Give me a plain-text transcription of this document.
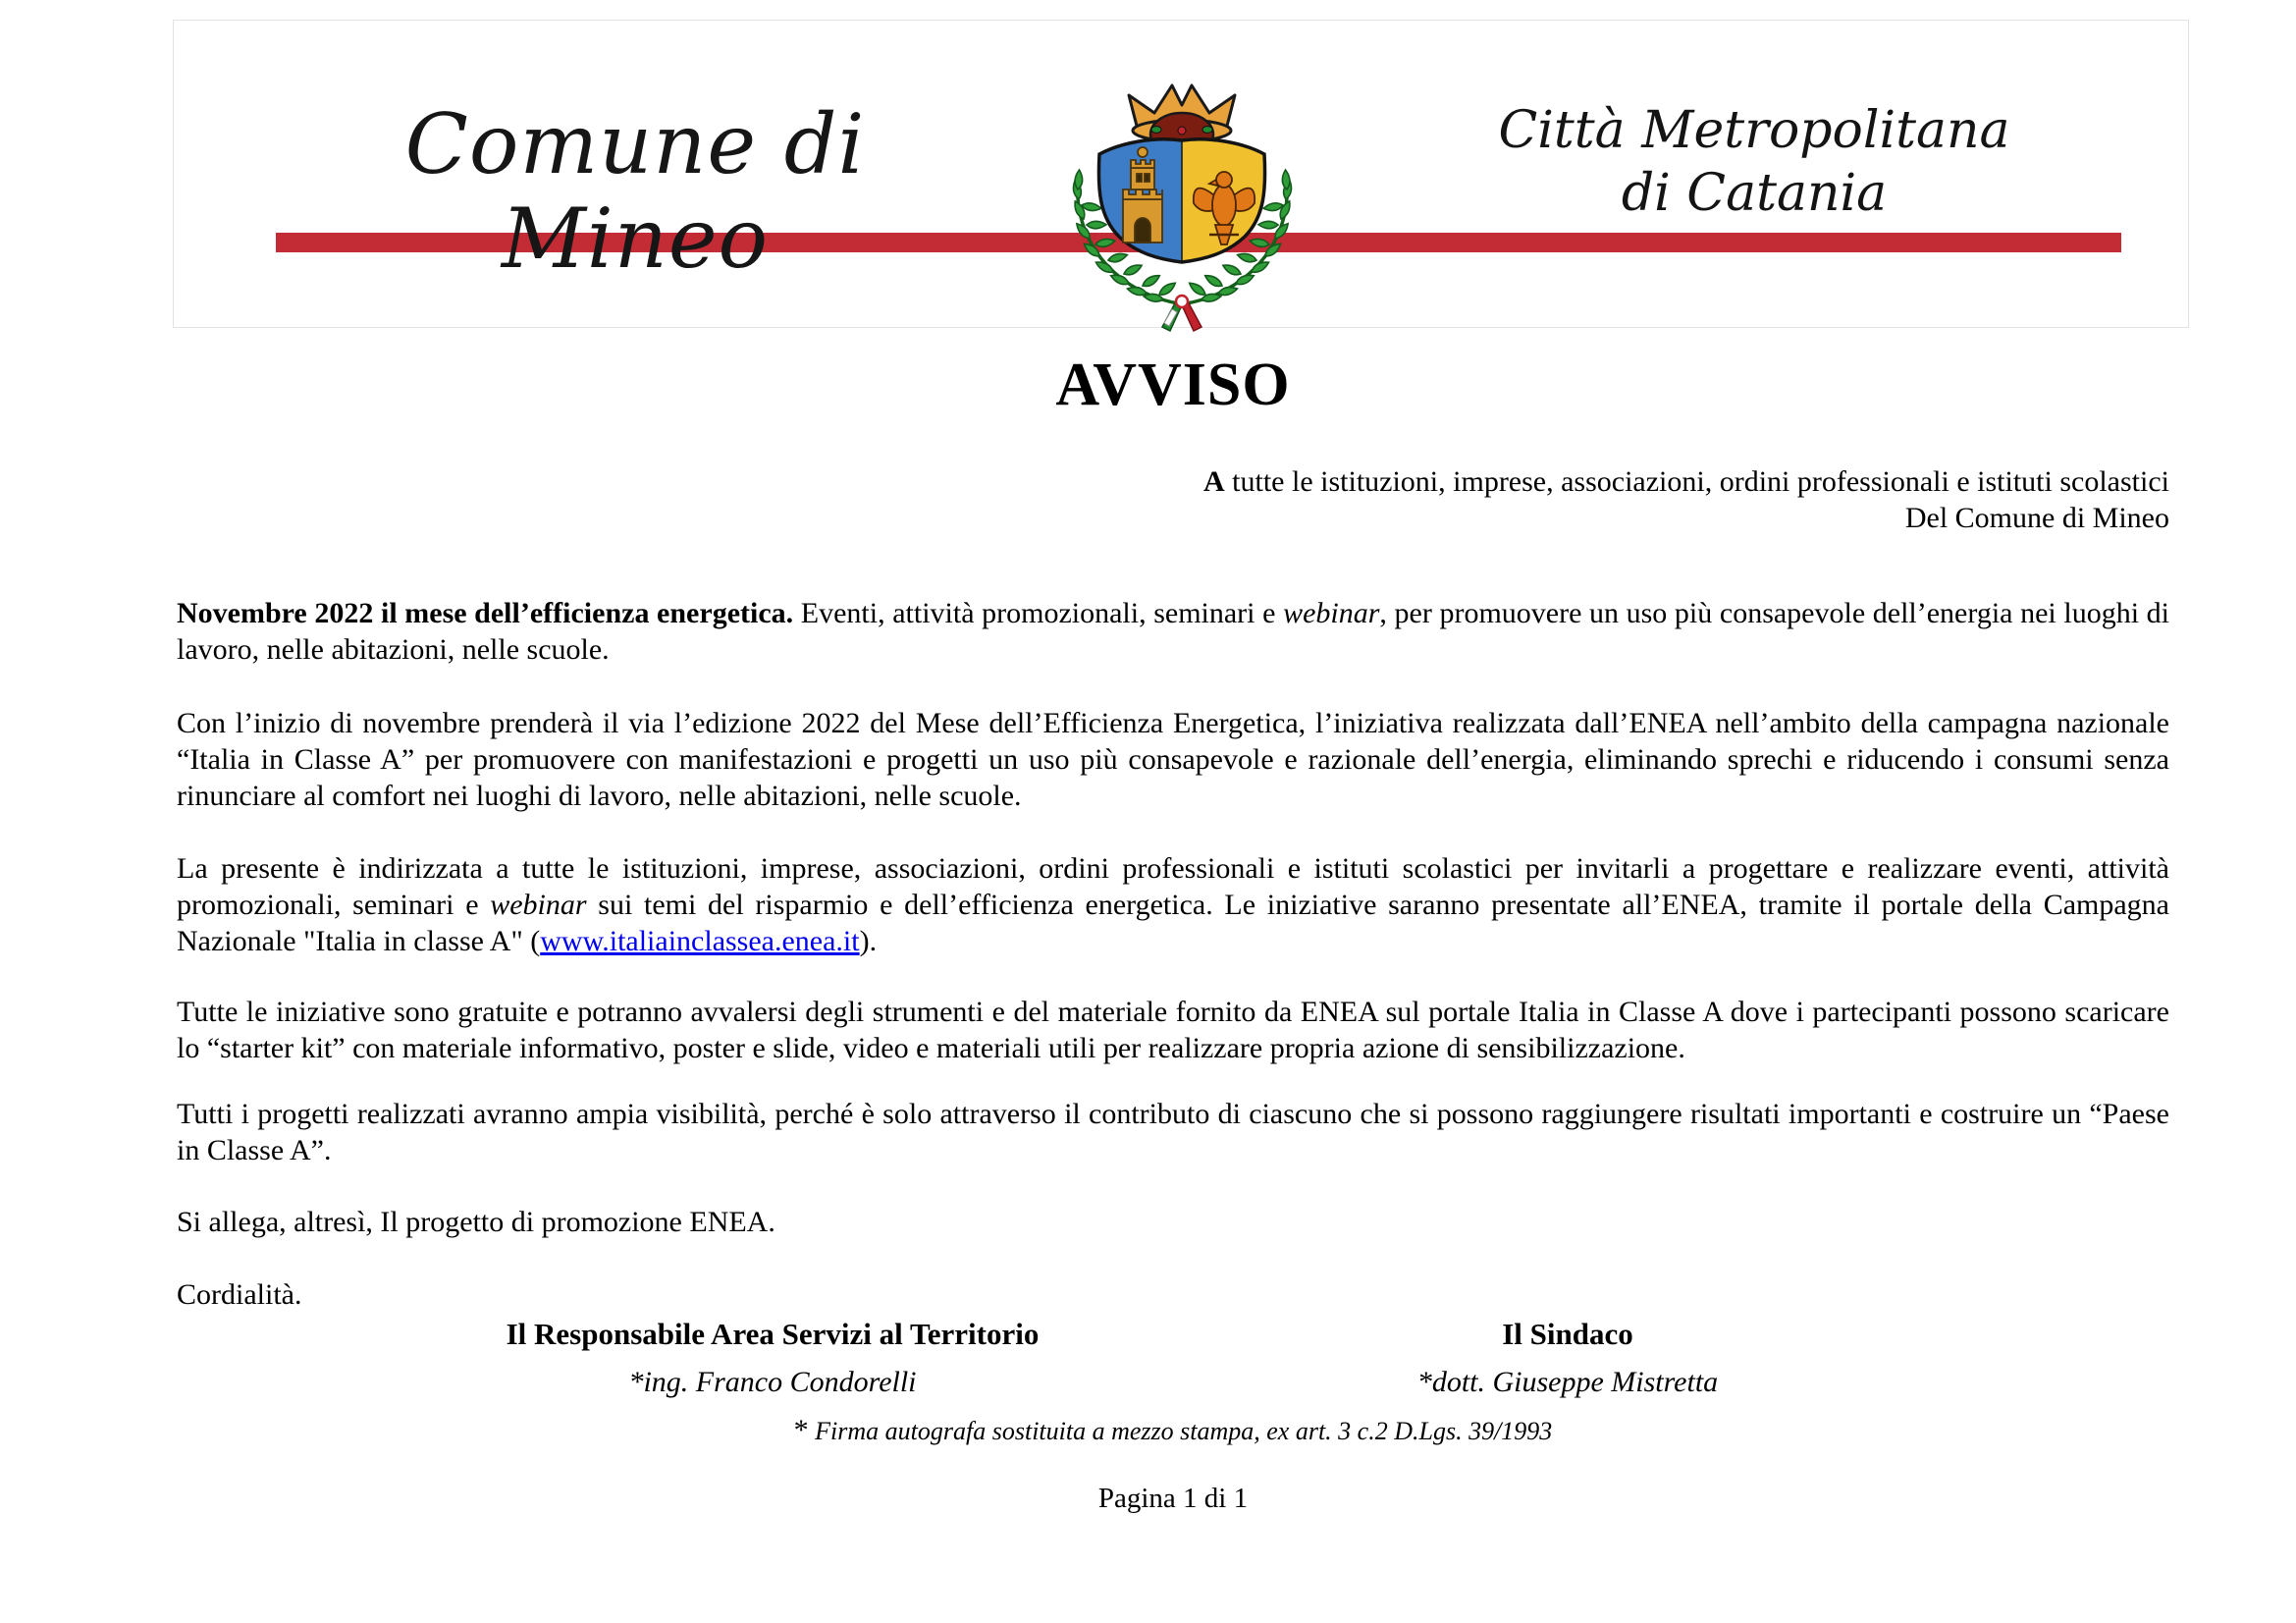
Comune di Mineo
Città Metropolitana
di Catania
AVVISO
A tutte le istituzioni, imprese, associazioni, ordini professionali e istituti scolastici
Del Comune di Mineo

Novembre 2022 il mese dell’efficienza energetica. Eventi, attività promozionali, seminari e webinar, per promuovere un uso più consapevole dell’energia nei luoghi di lavoro, nelle abitazioni, nelle scuole.

Con l’inizio di novembre prenderà il via l’edizione 2022 del Mese dell’Efficienza Energetica, l’iniziativa realizzata dall’ENEA nell’ambito della campagna nazionale “Italia in Classe A” per promuovere con manifestazioni e progetti un uso più consapevole e razionale dell’energia, eliminando sprechi e riducendo i consumi senza rinunciare al comfort nei luoghi di lavoro, nelle abitazioni, nelle scuole.

La presente è indirizzata a tutte le istituzioni, imprese, associazioni, ordini professionali e istituti scolastici per invitarli a progettare e realizzare eventi, attività promozionali, seminari e webinar sui temi del risparmio e dell’efficienza energetica. Le iniziative saranno presentate all’ENEA, tramite il portale della Campagna Nazionale "Italia in classe A" (www.italiainclassea.enea.it).

Tutte le iniziative sono gratuite e potranno avvalersi degli strumenti e del materiale fornito da ENEA sul portale Italia in Classe A dove i partecipanti possono scaricare lo “starter kit” con materiale informativo, poster e slide, video e materiali utili per realizzare propria azione di sensibilizzazione.

Tutti i progetti realizzati avranno ampia visibilità, perché è solo attraverso il contributo di ciascuno che si possono raggiungere risultati importanti e costruire un “Paese in Classe A”.

Si allega, altresì, Il progetto di promozione ENEA.

Cordialità.

Il Responsabile Area Servizi al Territorio
*ing. Franco Condorelli
Il Sindaco
*dott. Giuseppe Mistretta
* Firma autografa sostituita a mezzo stampa, ex art. 3 c.2 D.Lgs. 39/1993
Pagina 1 di 1
